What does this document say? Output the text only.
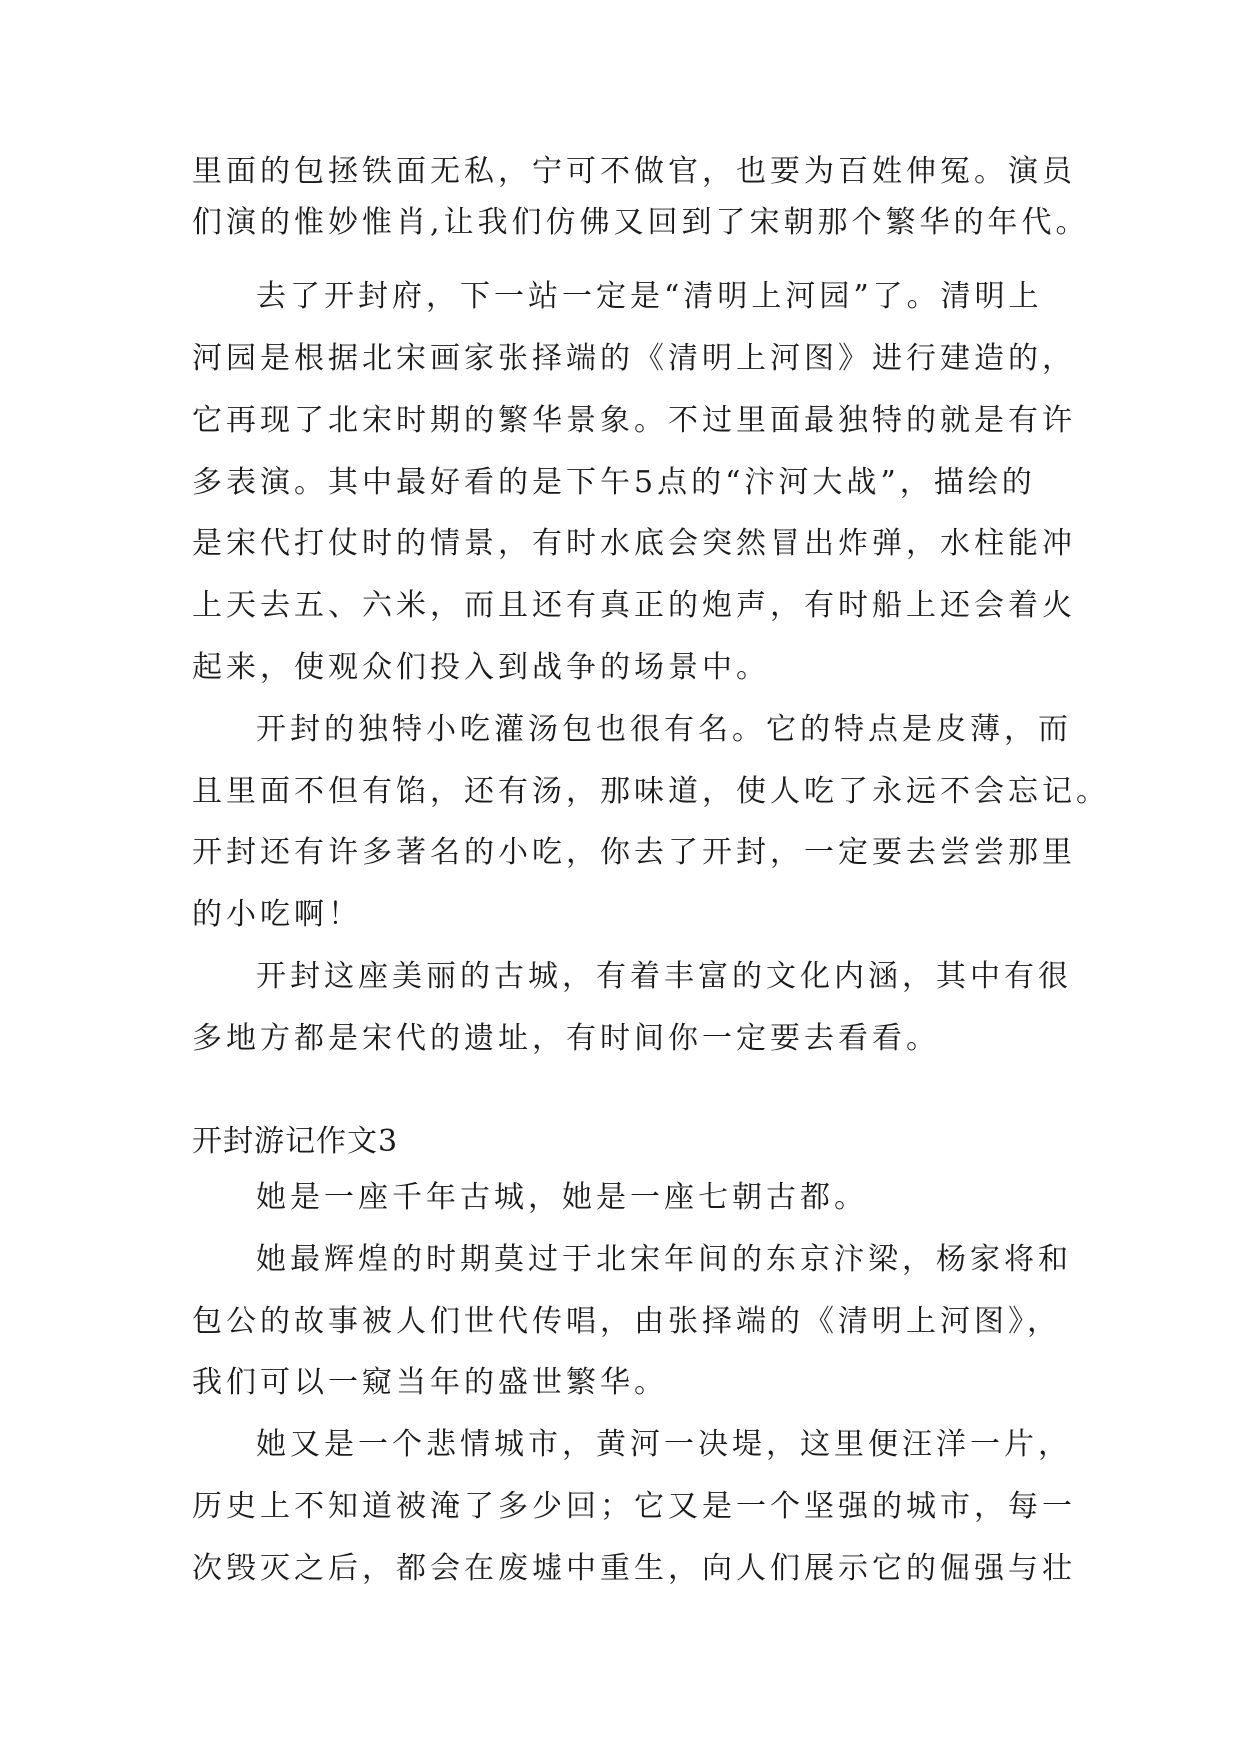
里面的包拯铁面无私，宁可不做官，也要为百姓伸冤。演员
们演的惟妙惟肖,让我们仿佛又回到了宋朝那个繁华的年代。
去了开封府，下一站一定是“清明上河园”了。清明上
河园是根据北宋画家张择端的《清明上河图》进行建造的，
它再现了北宋时期的繁华景象。不过里面最独特的就是有许
多表演。其中最好看的是下午5点的“汴河大战”，描绘的
是宋代打仗时的情景，有时水底会突然冒出炸弹，水柱能冲
上天去五、六米，而且还有真正的炮声，有时船上还会着火
起来，使观众们投入到战争的场景中。
开封的独特小吃灌汤包也很有名。它的特点是皮薄，而
且里面不但有馅，还有汤，那味道，使人吃了永远不会忘记。
开封还有许多著名的小吃，你去了开封，一定要去尝尝那里
的小吃啊！
开封这座美丽的古城，有着丰富的文化内涵，其中有很
多地方都是宋代的遗址，有时间你一定要去看看。
开封游记作文3
她是一座千年古城，她是一座七朝古都。
她最辉煌的时期莫过于北宋年间的东京汴梁，杨家将和
包公的故事被人们世代传唱，由张择端的《清明上河图》，
我们可以一窥当年的盛世繁华。
她又是一个悲情城市，黄河一决堤，这里便汪洋一片，
历史上不知道被淹了多少回；它又是一个坚强的城市，每一
次毁灭之后，都会在废墟中重生，向人们展示它的倔强与壮
